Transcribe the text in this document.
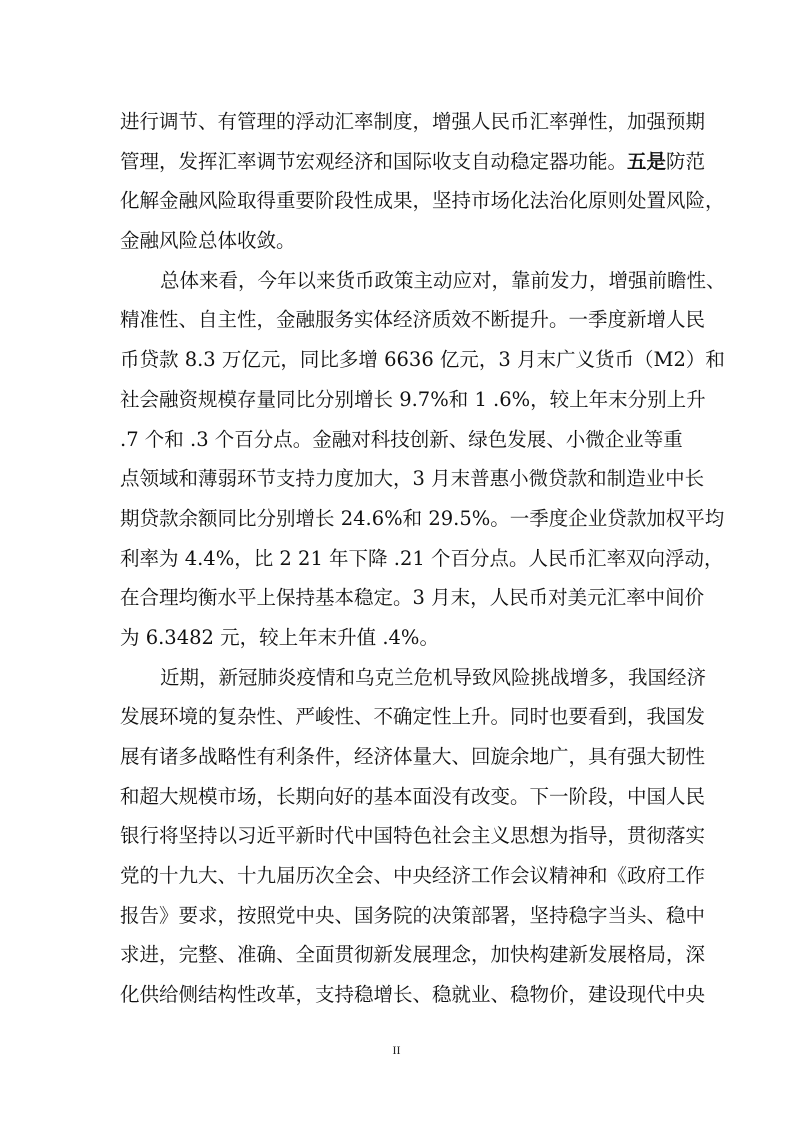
进行调节、有管理的浮动汇率制度，增强人民币汇率弹性，加强预期
管理，发挥汇率调节宏观经济和国际收支自动稳定器功能。五是防范
化解金融风险取得重要阶段性成果，坚持市场化法治化原则处置风险，
金融风险总体收敛。
总体来看，今年以来货币政策主动应对，靠前发力，增强前瞻性、
精准性、自主性，金融服务实体经济质效不断提升。一季度新增人民
币贷款 8.3 万亿元，同比多增 6636 亿元，3 月末广义货币（M2）和
社会融资规模存量同比分别增长 9.7%和 1 .6%，较上年末分别上升
.7 个和 .3 个百分点。金融对科技创新、绿色发展、小微企业等重
点领域和薄弱环节支持力度加大，3 月末普惠小微贷款和制造业中长
期贷款余额同比分别增长 24.6%和 29.5%。一季度企业贷款加权平均
利率为 4.4%，比 2 21 年下降 .21 个百分点。人民币汇率双向浮动，
在合理均衡水平上保持基本稳定。3 月末，人民币对美元汇率中间价
为 6.3482 元，较上年末升值 .4%。
近期，新冠肺炎疫情和乌克兰危机导致风险挑战增多，我国经济
发展环境的复杂性、严峻性、不确定性上升。同时也要看到，我国发
展有诸多战略性有利条件，经济体量大、回旋余地广，具有强大韧性
和超大规模市场，长期向好的基本面没有改变。下一阶段，中国人民
银行将坚持以习近平新时代中国特色社会主义思想为指导，贯彻落实
党的十九大、十九届历次全会、中央经济工作会议精神和《政府工作
报告》要求，按照党中央、国务院的决策部署，坚持稳字当头、稳中
求进，完整、准确、全面贯彻新发展理念，加快构建新发展格局，深
化供给侧结构性改革，支持稳增长、稳就业、稳物价，建设现代中央
II
